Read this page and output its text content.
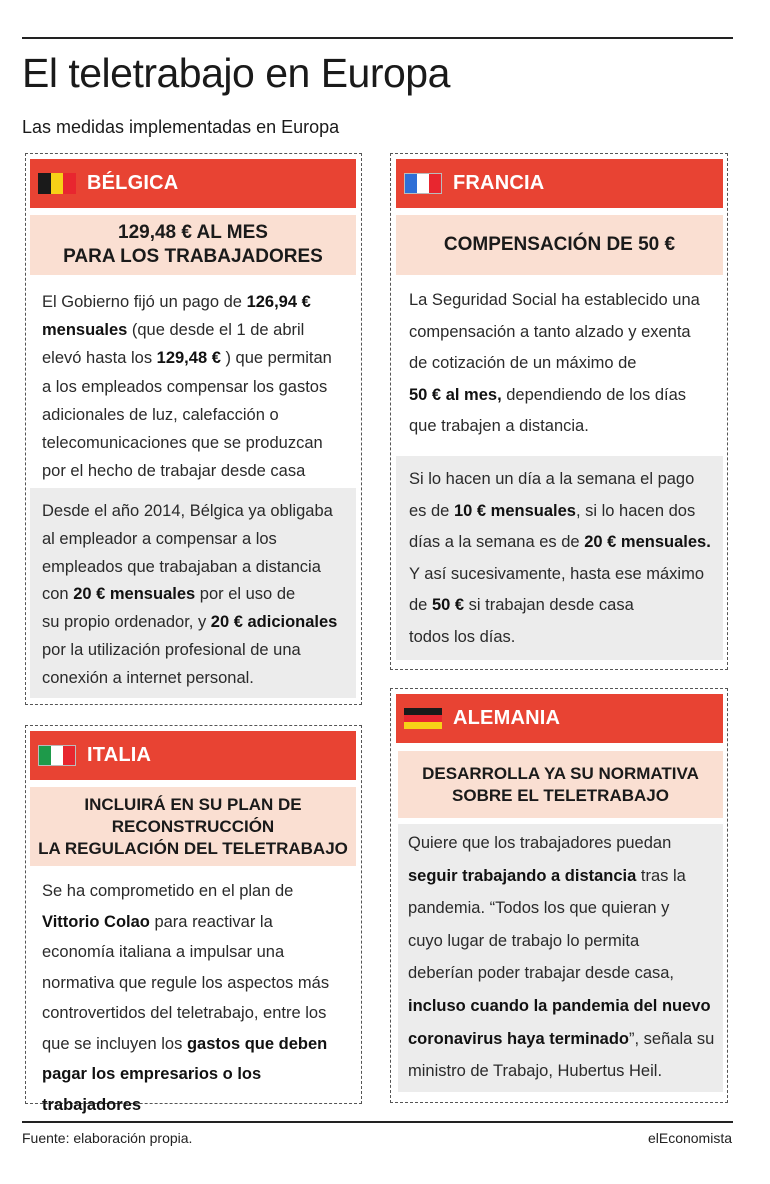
El teletrabajo en Europa
Las medidas implementadas en Europa
BÉLGICA
129,48 € AL MES
PARA LOS TRABAJADORES

El Gobierno fijó un pago de 126,94 €
mensuales (que desde el 1 de abril
elevó hasta los 129,48 € ) que permitan
a los empleados compensar los gastos
adicionales de luz, calefacción o
telecomunicaciones que se produzcan
por el hecho de trabajar desde casa

Desde el año 2014, Bélgica ya obligaba
al empleador a compensar a los
empleados que trabajaban a distancia
con 20 € mensuales por el uso de
su propio ordenador, y 20 € adicionales
por la utilización profesional de una
conexión a internet personal.

FRANCIA
COMPENSACIÓN DE 50 €

La Seguridad Social ha establecido una
compensación a tanto alzado y exenta
de cotización de un máximo de
50 € al mes, dependiendo de los días
que trabajen a distancia.

Si lo hacen un día a la semana el pago
es de 10 € mensuales, si lo hacen dos
días a la semana es de 20 € mensuales.
Y así sucesivamente, hasta ese máximo
de 50 € si trabajan desde casa
todos los días.

ITALIA
INCLUIRÁ EN SU PLAN DE
RECONSTRUCCIÓN
LA REGULACIÓN DEL TELETRABAJO

Se ha comprometido en el plan de
Vittorio Colao para reactivar la
economía italiana a impulsar una
normativa que regule los aspectos más
controvertidos del teletrabajo, entre los
que se incluyen los gastos que deben
pagar los empresarios o los trabajadores

ALEMANIA
DESARROLLA YA SU NORMATIVA
SOBRE EL TELETRABAJO

Quiere que los trabajadores puedan
seguir trabajando a distancia tras la
pandemia. “Todos los que quieran y
cuyo lugar de trabajo lo permita
deberían poder trabajar desde casa,
incluso cuando la pandemia del nuevo
coronavirus haya terminado”, señala su
ministro de Trabajo, Hubertus Heil.

Fuente: elaboración propia.	elEconomista
